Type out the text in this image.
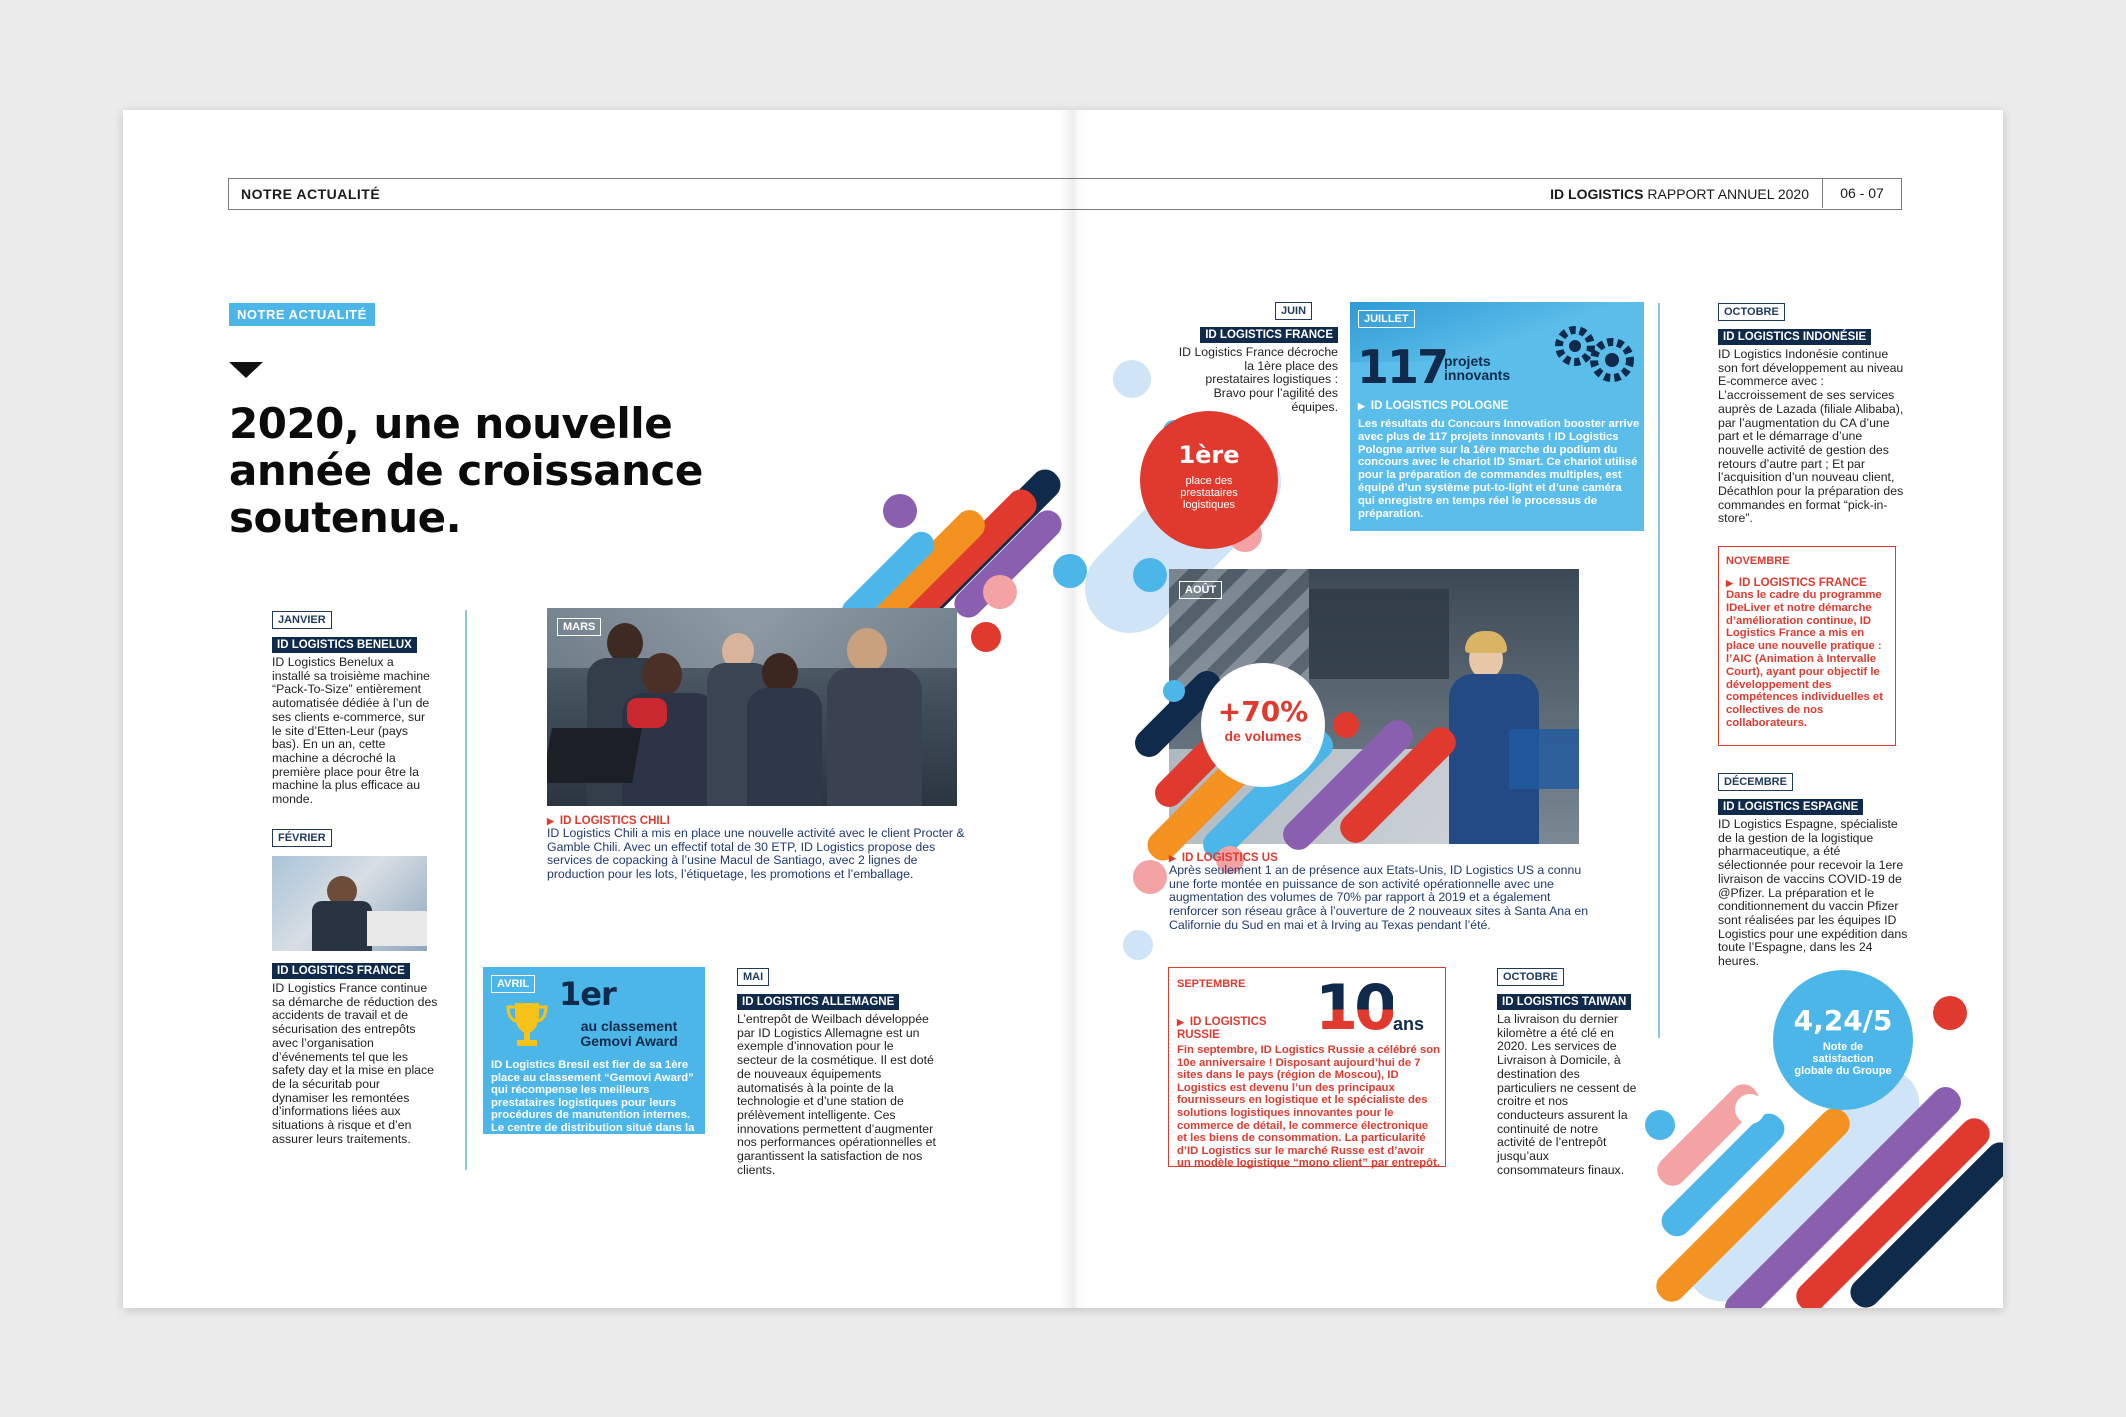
NOTRE ACTUALITÉ	ID LOGISTICS RAPPORT ANNUEL 2020	06 - 07
NOTRE ACTUALITÉ
2020, une nouvelle
année de croissance
soutenue.
JANVIER
ID LOGISTICS BENELUX
ID Logistics Benelux a installé sa troisième machine “Pack-To-Size” entièrement automatisée dédiée à l’un de ses clients e-commerce, sur le site d’Etten-Leur (pays bas). En un an, cette machine a décroché la première place pour être la machine la plus efficace au monde.
FÉVRIER
ID LOGISTICS FRANCE
ID Logistics France continue sa démarche de réduction des accidents de travail et de sécurisation des entrepôts avec l’organisation d’événements tel que les safety day et la mise en place de la sécuritab pour dynamiser les remontées d’informations liées aux situations à risque et d’en assurer leurs traitements.
MARS
▶ ID LOGISTICS CHILI
ID Logistics Chili a mis en place une nouvelle activité avec le client Procter & Gamble Chili. Avec un effectif total de 30 ETP, ID Logistics propose des services de copacking à l’usine Macul de Santiago, avec 2 lignes de production pour les lots, l’étiquetage, les promotions et l’emballage.
AVRIL 1er
au classement Gemovi Award
ID Logistics Bresil est fier de sa 1ère place au classement “Gemovi Award” qui récompense les meilleurs prestataires logistiques pour leurs procédures de manutention internes. Le centre de distribution situé dans la ville de Juatuba, Minas Gerais a été mis à l’honneur.
MAI
ID LOGISTICS ALLEMAGNE
L’entrepôt de Weilbach développée par ID Logistics Allemagne est un exemple d’innovation pour le secteur de la cosmétique. Il est doté de nouveaux équipements automatisés à la pointe de la technologie et d’une station de prélèvement intelligente. Ces innovations permettent d’augmenter nos performances opérationnelles et garantissent la satisfaction de nos clients.
JUIN
ID LOGISTICS FRANCE
ID Logistics France décroche la 1ère place des prestataires logistiques : Bravo pour l’agilité des équipes.
1ère
place des prestataires logistiques
JUILLET
117
projets innovants
▶ ID LOGISTICS POLOGNE
Les résultats du Concours Innovation booster arrive avec plus de 117 projets innovants ! ID Logistics Pologne arrive sur la 1ère marche du podium du concours avec le chariot ID Smart. Ce chariot utilisé pour la préparation de commandes multiples, est équipé d’un système put-to-light et d’une caméra qui enregistre en temps réel le processus de préparation.
AOÛT
+70%
de volumes
▶ ID LOGISTICS US
Après seulement 1 an de présence aux Etats-Unis, ID Logistics US a connu une forte montée en puissance de son activité opérationnelle avec une augmentation des volumes de 70% par rapport à 2019 et a également renforcer son réseau grâce à l’ouverture de 2 nouveaux sites à Santa Ana en Californie du Sud en mai et à Irving au Texas pendant l’été.
SEPTEMBRE
▶ ID LOGISTICS RUSSIE	10 ans
Fin septembre, ID Logistics Russie a célébré son 10e anniversaire ! Disposant aujourd’hui de 7 sites dans le pays (région de Moscou), ID Logistics est devenu l’un des principaux fournisseurs en logistique et le spécialiste des solutions logistiques innovantes pour le commerce de détail, le commerce électronique et les biens de consommation. La particularité d’ID Logistics sur le marché Russe est d’avoir un modèle logistique “mono client” par entrepôt.
OCTOBRE
ID LOGISTICS TAIWAN
La livraison du dernier kilomètre a été clé en 2020. Les services de Livraison à Domicile, à destination des particuliers ne cessent de croitre et nos conducteurs assurent la continuité de notre activité de l’entrepôt jusqu’aux consommateurs finaux.
OCTOBRE
ID LOGISTICS INDONÉSIE
ID Logistics Indonésie continue son fort développement au niveau E-commerce avec : L’accroissement de ses services auprès de Lazada (filiale Alibaba), par l’augmentation du CA d’une part et le démarrage d’une nouvelle activité de gestion des retours d’autre part ; Et par l’acquisition d’un nouveau client, Décathlon pour la préparation des commandes en format “pick-in-store”.
NOVEMBRE
▶ ID LOGISTICS FRANCE
Dans le cadre du programme IDeLiver et notre démarche d’amélioration continue, ID Logistics France a mis en place une nouvelle pratique : l’AIC (Animation à Intervalle Court), ayant pour objectif le développement des compétences individuelles et collectives de nos collaborateurs.
DÉCEMBRE
ID LOGISTICS ESPAGNE
ID Logistics Espagne, spécialiste de la gestion de la logistique pharmaceutique, a été sélectionnée pour recevoir la 1ere livraison de vaccins COVID-19 de @Pfizer. La préparation et le conditionnement du vaccin Pfizer sont réalisées par les équipes ID Logistics pour une expédition dans toute l’Espagne, dans les 24 heures.
4,24/5
Note de satisfaction globale du Groupe
